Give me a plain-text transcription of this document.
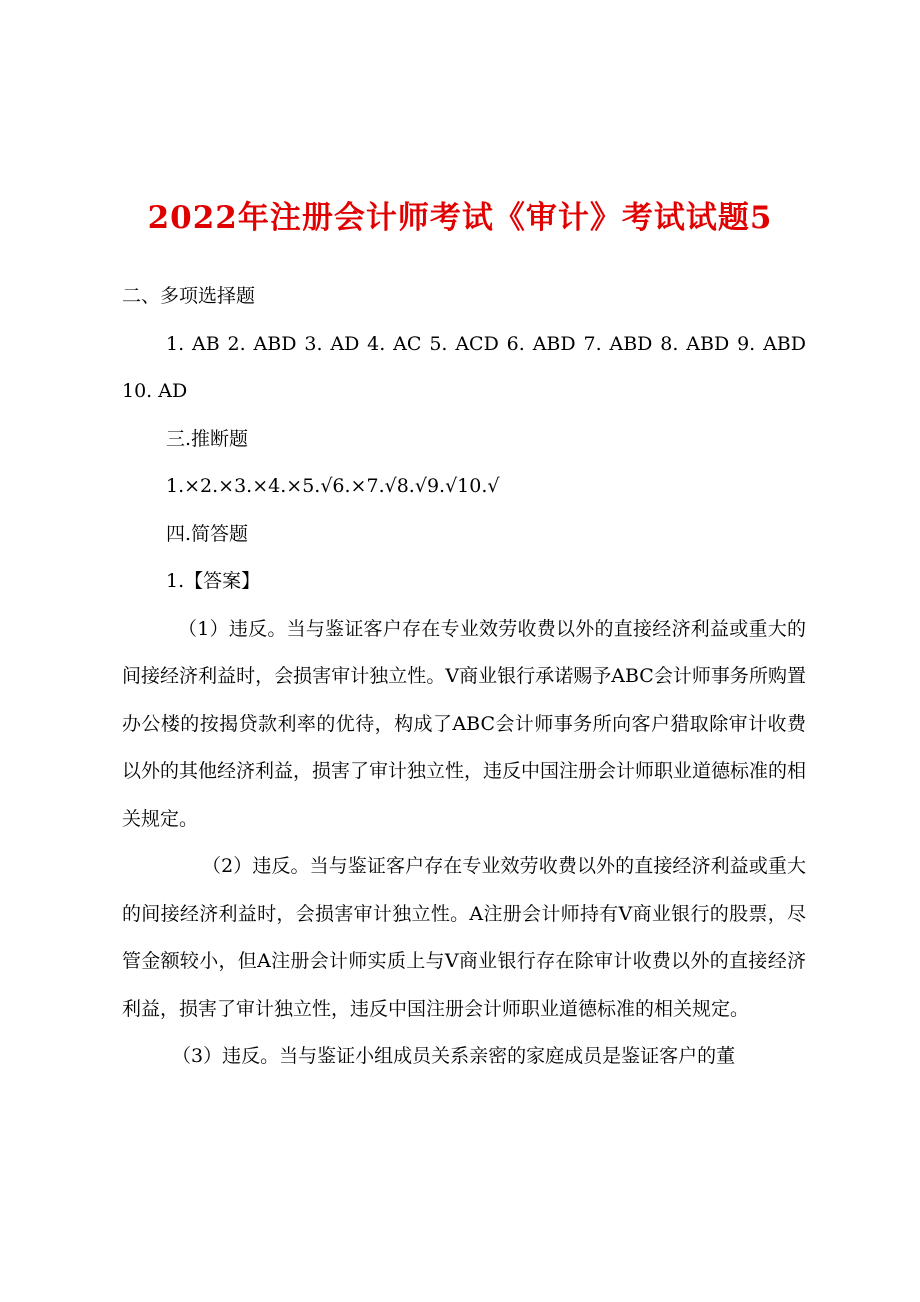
2022年注册会计师考试《审计》考试试题5

二、多项选择题

1. AB 2. ABD 3. AD 4. AC 5. ACD 6. ABD 7. ABD 8. ABD 9. ABD 10. AD

三.推断题

1.×2.×3.×4.×5.√6.×7.√8.√9.√10.√

四.简答题

1.【答案】

（1）违反。当与鉴证客户存在专业效劳收费以外的直接经济利益或重大的间接经济利益时，会损害审计独立性。V商业银行承诺赐予ABC会计师事务所购置办公楼的按揭贷款利率的优待，构成了ABC会计师事务所向客户猎取除审计收费以外的其他经济利益，损害了审计独立性，违反中国注册会计师职业道德标准的相关规定。

（2）违反。当与鉴证客户存在专业效劳收费以外的直接经济利益或重大的间接经济利益时，会损害审计独立性。A注册会计师持有V商业银行的股票，尽管金额较小，但A注册会计师实质上与V商业银行存在除审计收费以外的直接经济利益，损害了审计独立性，违反中国注册会计师职业道德标准的相关规定。

（3）违反。当与鉴证小组成员关系亲密的家庭成员是鉴证客户的董
